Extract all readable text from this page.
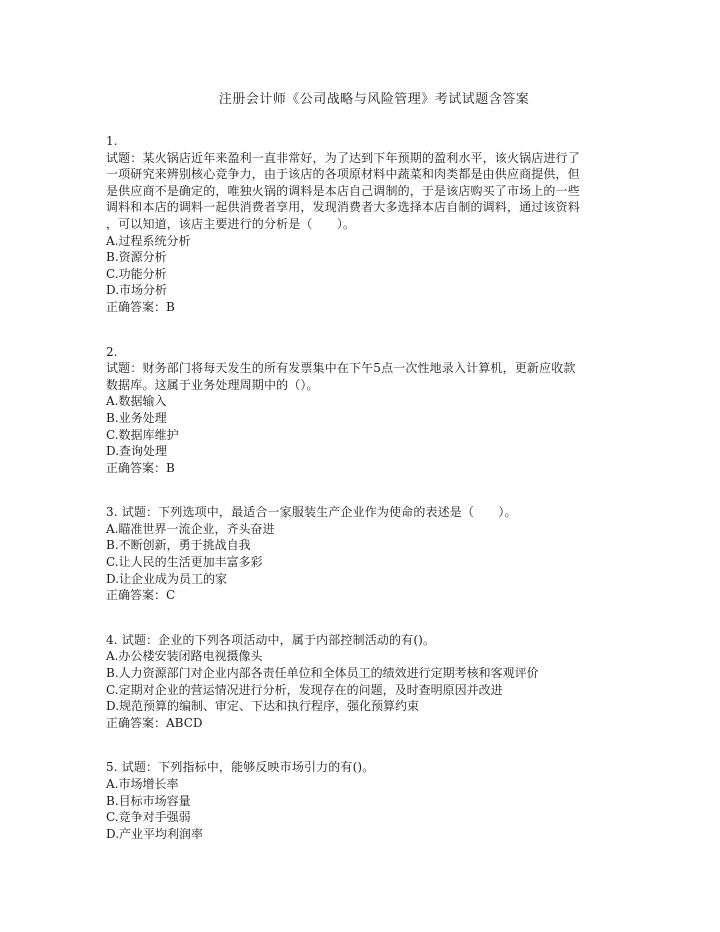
注册会计师《公司战略与风险管理》考试试题含答案
1.
试题：某火锅店近年来盈利一直非常好，为了达到下年预期的盈利水平，该火锅店进行了
一项研究来辨别核心竞争力，由于该店的各项原材料中蔬菜和肉类都是由供应商提供，但
是供应商不是确定的，唯独火锅的调料是本店自己调制的，于是该店购买了市场上的一些
调料和本店的调料一起供消费者享用，发现消费者大多选择本店自制的调料，通过该资料
，可以知道，该店主要进行的分析是（　　）。
A.过程系统分析
B.资源分析
C.功能分析
D.市场分析
正确答案：B
2.
试题：财务部门将每天发生的所有发票集中在下午5点一次性地录入计算机，更新应收款
数据库。这属于业务处理周期中的（）。
A.数据输入
B.业务处理
C.数据库维护
D.查询处理
正确答案：B
3. 试题：下列选项中，最适合一家服装生产企业作为使命的表述是（　　）。
A.瞄准世界一流企业，齐头奋进
B.不断创新，勇于挑战自我
C.让人民的生活更加丰富多彩
D.让企业成为员工的家
正确答案：C
4. 试题：企业的下列各项活动中，属于内部控制活动的有()。
A.办公楼安装闭路电视摄像头
B.人力资源部门对企业内部各责任单位和全体员工的绩效进行定期考核和客观评价
C.定期对企业的营运情况进行分析，发现存在的问题，及时查明原因并改进
D.规范预算的编制、审定、下达和执行程序，强化预算约束
正确答案：ABCD
5. 试题：下列指标中，能够反映市场引力的有()。
A.市场增长率
B.目标市场容量
C.竞争对手强弱
D.产业平均利润率
